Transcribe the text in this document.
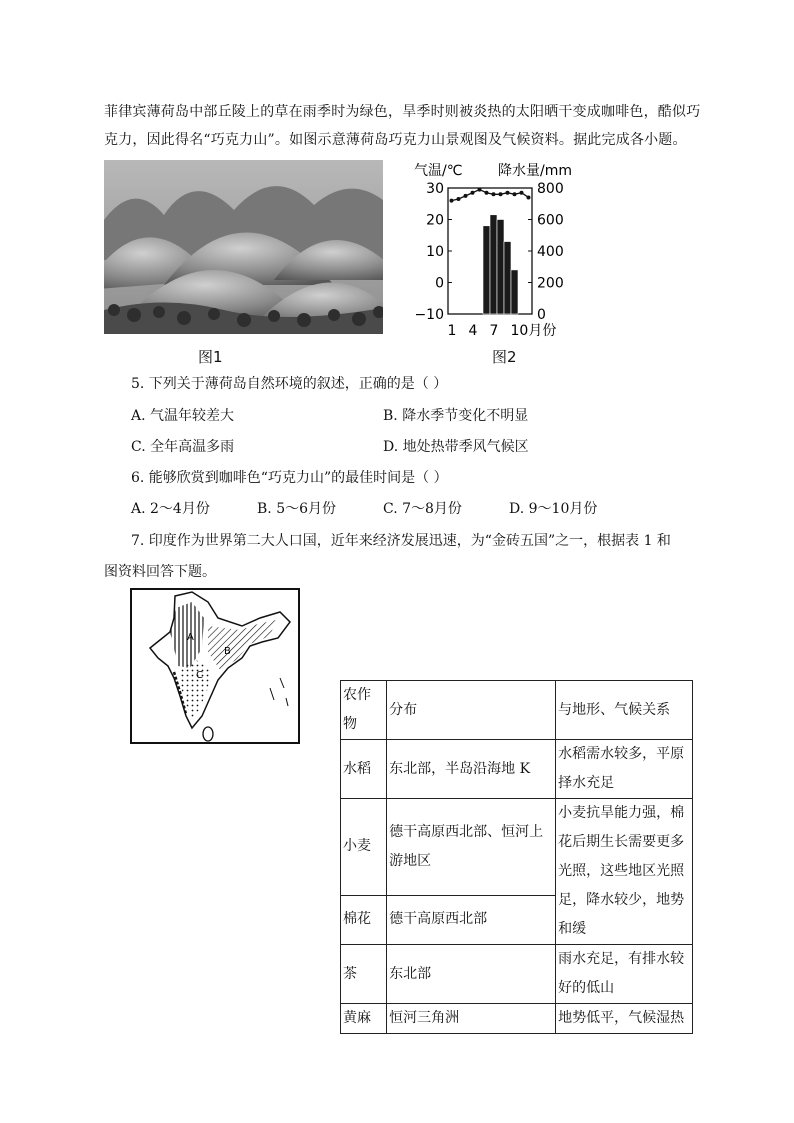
菲律宾薄荷岛中部丘陵上的草在雨季时为绿色，旱季时则被炎热的太阳晒干变成咖啡色，酷似巧
克力，因此得名“巧克力山”。如图示意薄荷岛巧克力山景观图及气候资料。据此完成各小题。
气温/℃	降水量/mm
30
20
10
0
−10
800
600
400
200
0
1 4 7 10月份
图1	图2
5. 下列关于薄荷岛自然环境的叙述，正确的是（ ）
A. 气温年较差大	B. 降水季节变化不明显
C. 全年高温多雨	D. 地处热带季风气候区
6. 能够欣赏到咖啡色“巧克力山”的最佳时间是（ ）
A. 2～4月份	B. 5～6月份	C. 7～8月份	D. 9～10月份
7. 印度作为世界第二大人口国，近年来经济发展迅速，为“金砖五国”之一，根据表 1 和
图资料回答下题。
A
B
C
农作物	分布	与地形、气候关系
水稻	东北部，半岛沿海地 K	水稻需水较多，平原择水充足
小麦	德干高原西北部、恒河上游地区	小麦抗旱能力强，棉花后期生长需要更多光照，这些地区光照足，降水较少，地势和缓
棉花	德干高原西北部	
茶	东北部	雨水充足，有排水较好的低山
黄麻	恒河三角洲	地势低平，气候湿热
